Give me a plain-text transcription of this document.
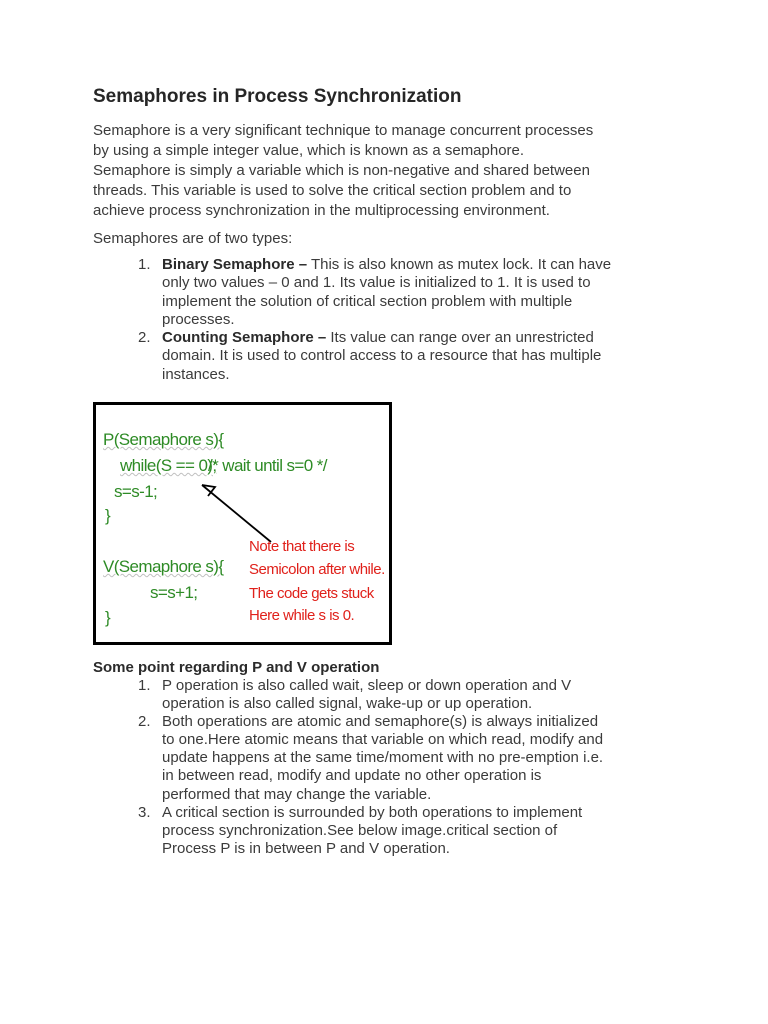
Semaphores in Process Synchronization

Semaphore is a very significant technique to manage concurrent processes
by using a simple integer value, which is known as a semaphore.
Semaphore is simply a variable which is non-negative and shared between
threads. This variable is used to solve the critical section problem and to
achieve process synchronization in the multiprocessing environment.

Semaphores are of two types:

1. Binary Semaphore – This is also known as mutex lock. It can have
only two values – 0 and 1. Its value is initialized to 1. It is used to
implement the solution of critical section problem with multiple
processes.
2. Counting Semaphore – Its value can range over an unrestricted
domain. It is used to control access to a resource that has multiple
instances.
P(Semaphore s){
while(S == 0);
/* wait until s=0 */
s=s-1;
}
V(Semaphore s){
s=s+1;
}
Note that there is
Semicolon after while.
The code gets stuck
Here while s is 0.

Some point regarding P and V operation

1. P operation is also called wait, sleep or down operation and V
operation is also called signal, wake-up or up operation.
2. Both operations are atomic and semaphore(s) is always initialized
to one.Here atomic means that variable on which read, modify and
update happens at the same time/moment with no pre-emption i.e.
in between read, modify and update no other operation is
performed that may change the variable.
3. A critical section is surrounded by both operations to implement
process synchronization.See below image.critical section of
Process P is in between P and V operation.
